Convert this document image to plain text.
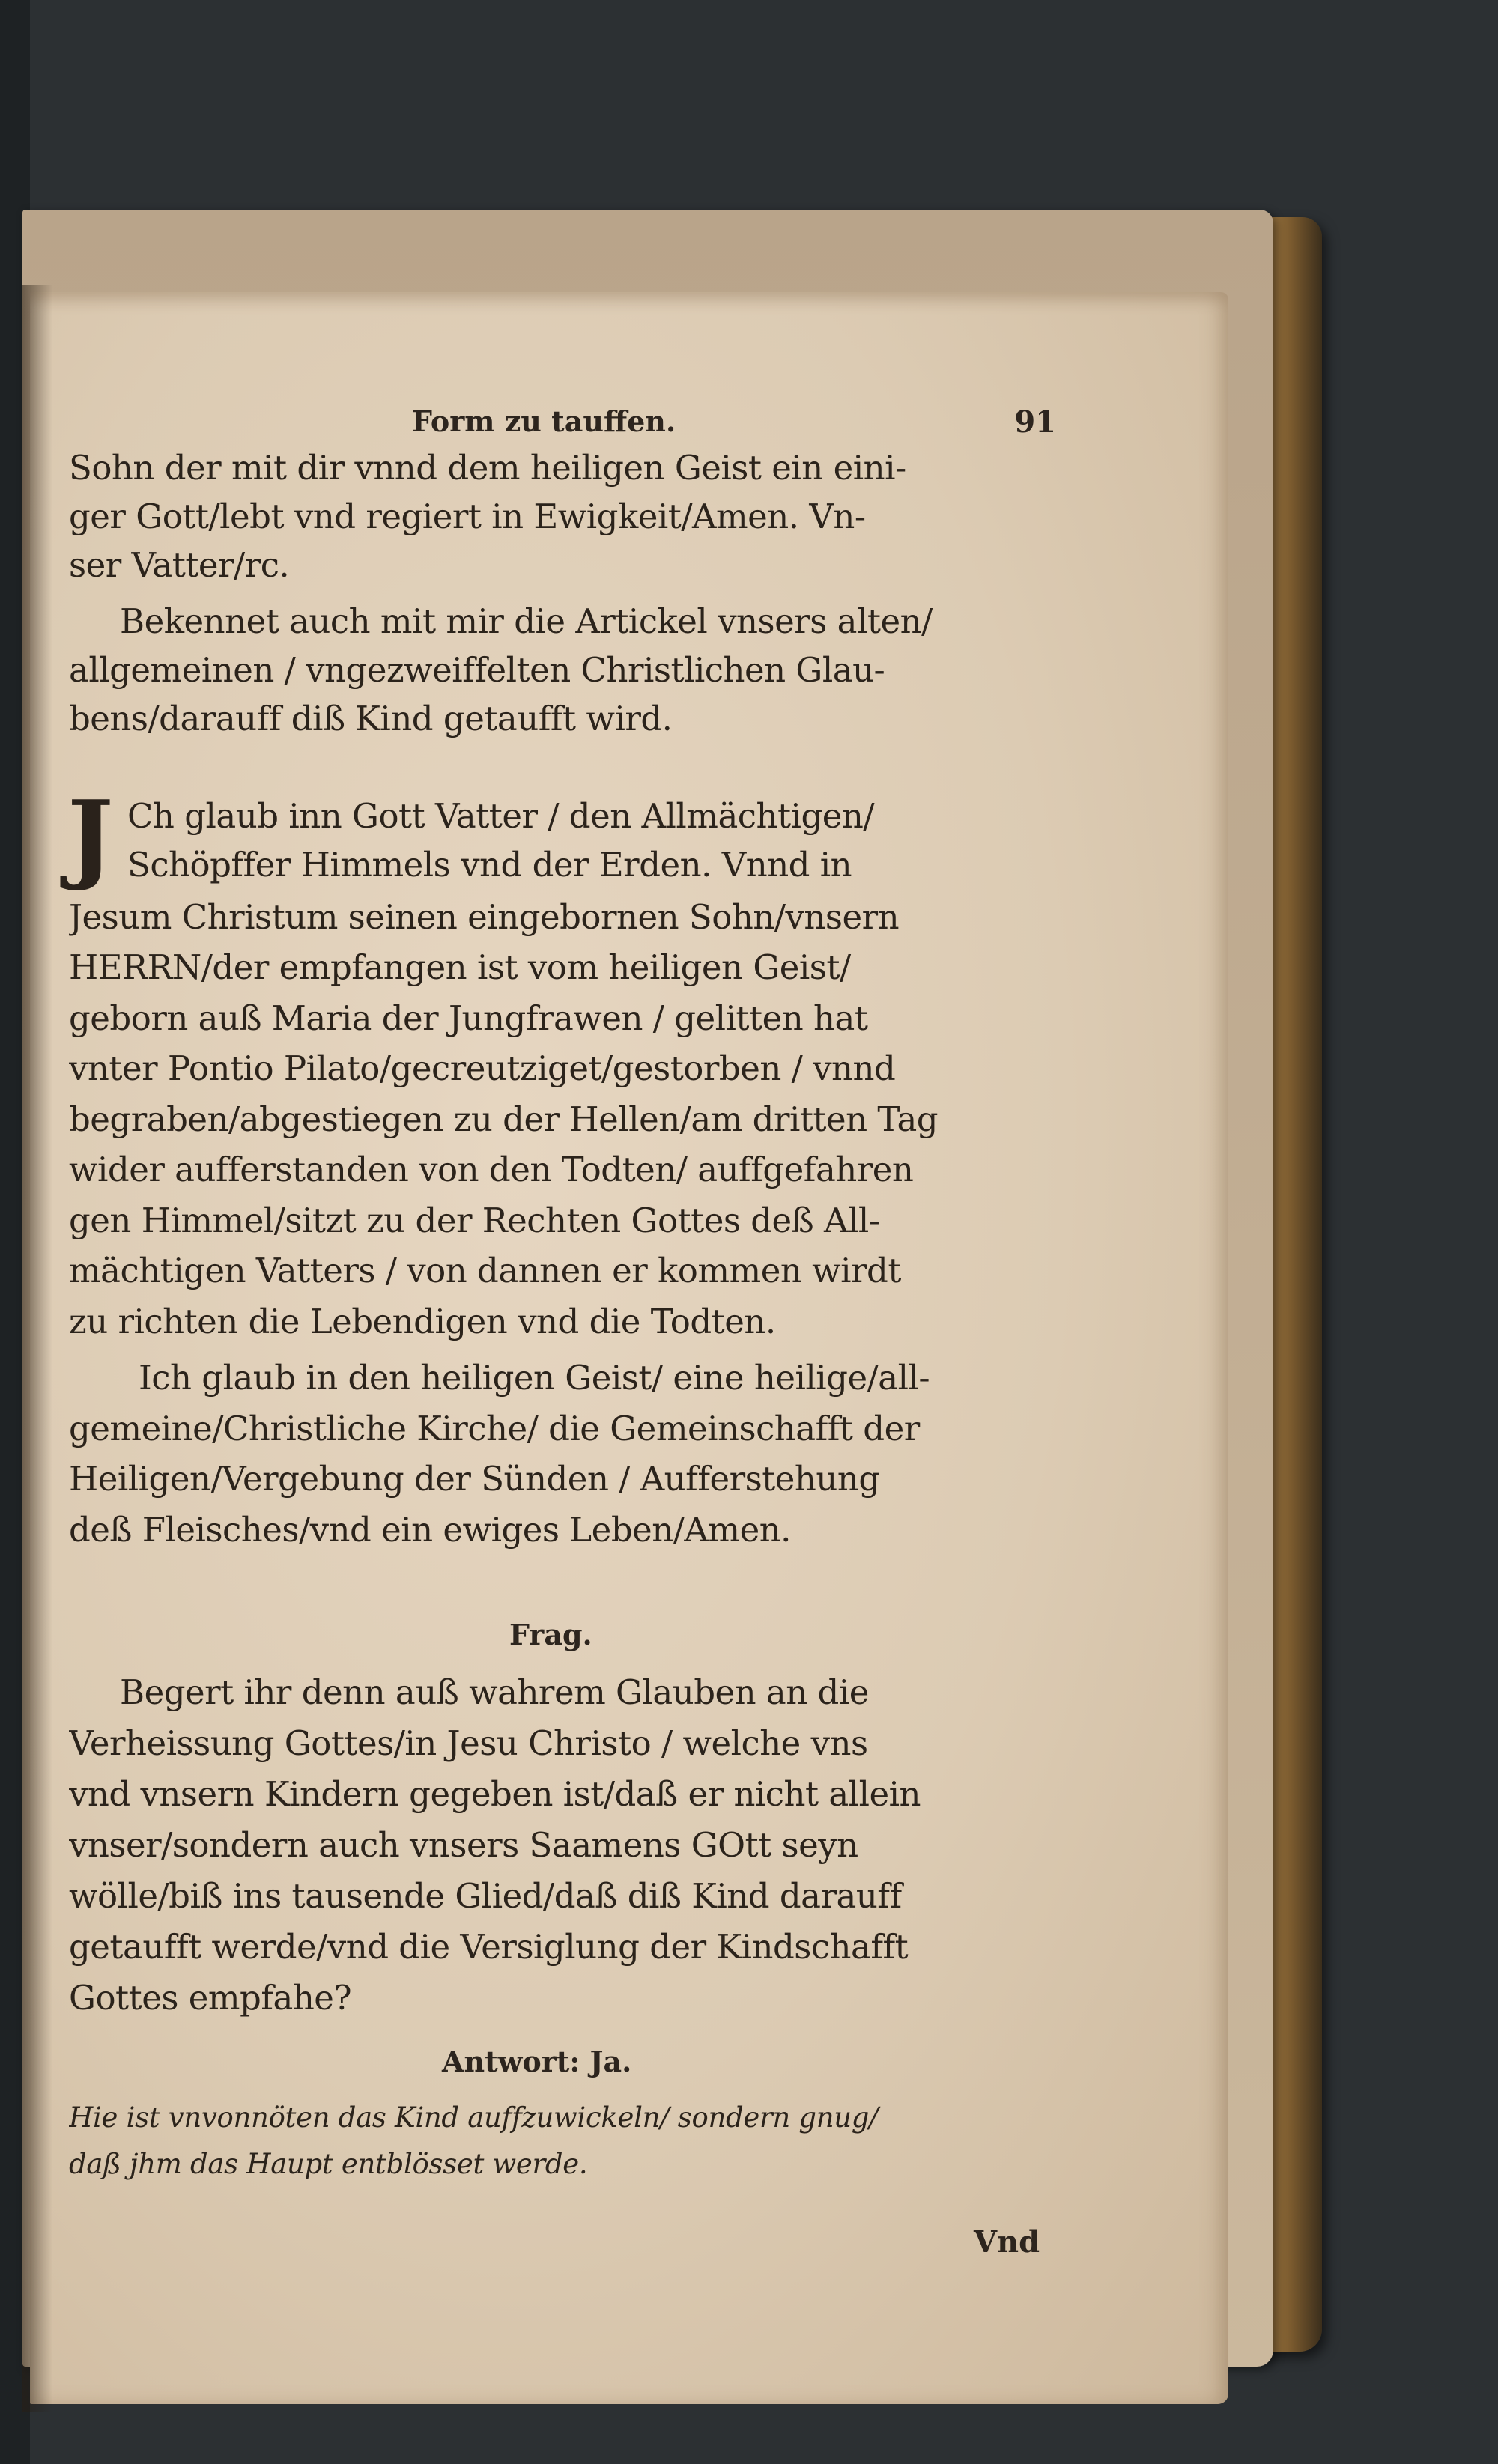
Form zu tauffen.	91
Sohn der mit dir vnnd dem heiligen Geist ein eini-
ger Gott/lebt vnd regiert in Ewigkeit/Amen. Vn-
ser Vatter/rc.
Bekennet auch mit mir die Artickel vnsers alten/
allgemeinen / vngezweiffelten Christlichen Glau-
bens/darauff diß Kind getaufft wird.
J Ch glaub inn Gott Vatter / den Allmächtigen/
Schöpffer Himmels vnd der Erden. Vnnd in
Jesum Christum seinen eingebornen Sohn/vnsern
HERRN/der empfangen ist vom heiligen Geist/
geborn auß Maria der Jungfrawen / gelitten hat
vnter Pontio Pilato/gecreutziget/gestorben / vnnd
begraben/abgestiegen zu der Hellen/am dritten Tag
wider aufferstanden von den Todten/ auffgefahren
gen Himmel/sitzt zu der Rechten Gottes deß All-
mächtigen Vatters / von dannen er kommen wirdt
zu richten die Lebendigen vnd die Todten.
Ich glaub in den heiligen Geist/ eine heilige/all-
gemeine/Christliche Kirche/ die Gemeinschafft der
Heiligen/Vergebung der Sünden / Aufferstehung
deß Fleisches/vnd ein ewiges Leben/Amen.
Frag.
Begert ihr denn auß wahrem Glauben an die
Verheissung Gottes/in Jesu Christo / welche vns
vnd vnsern Kindern gegeben ist/daß er nicht allein
vnser/sondern auch vnsers Saamens GOtt seyn
wölle/biß ins tausende Glied/daß diß Kind darauff
getaufft werde/vnd die Versiglung der Kindschafft
Gottes empfahe?
Antwort: Ja.
Hie ist vnvonnöten das Kind auffzuwickeln/ sondern gnug/
daß jhm das Haupt entblösset werde.
Vnd
